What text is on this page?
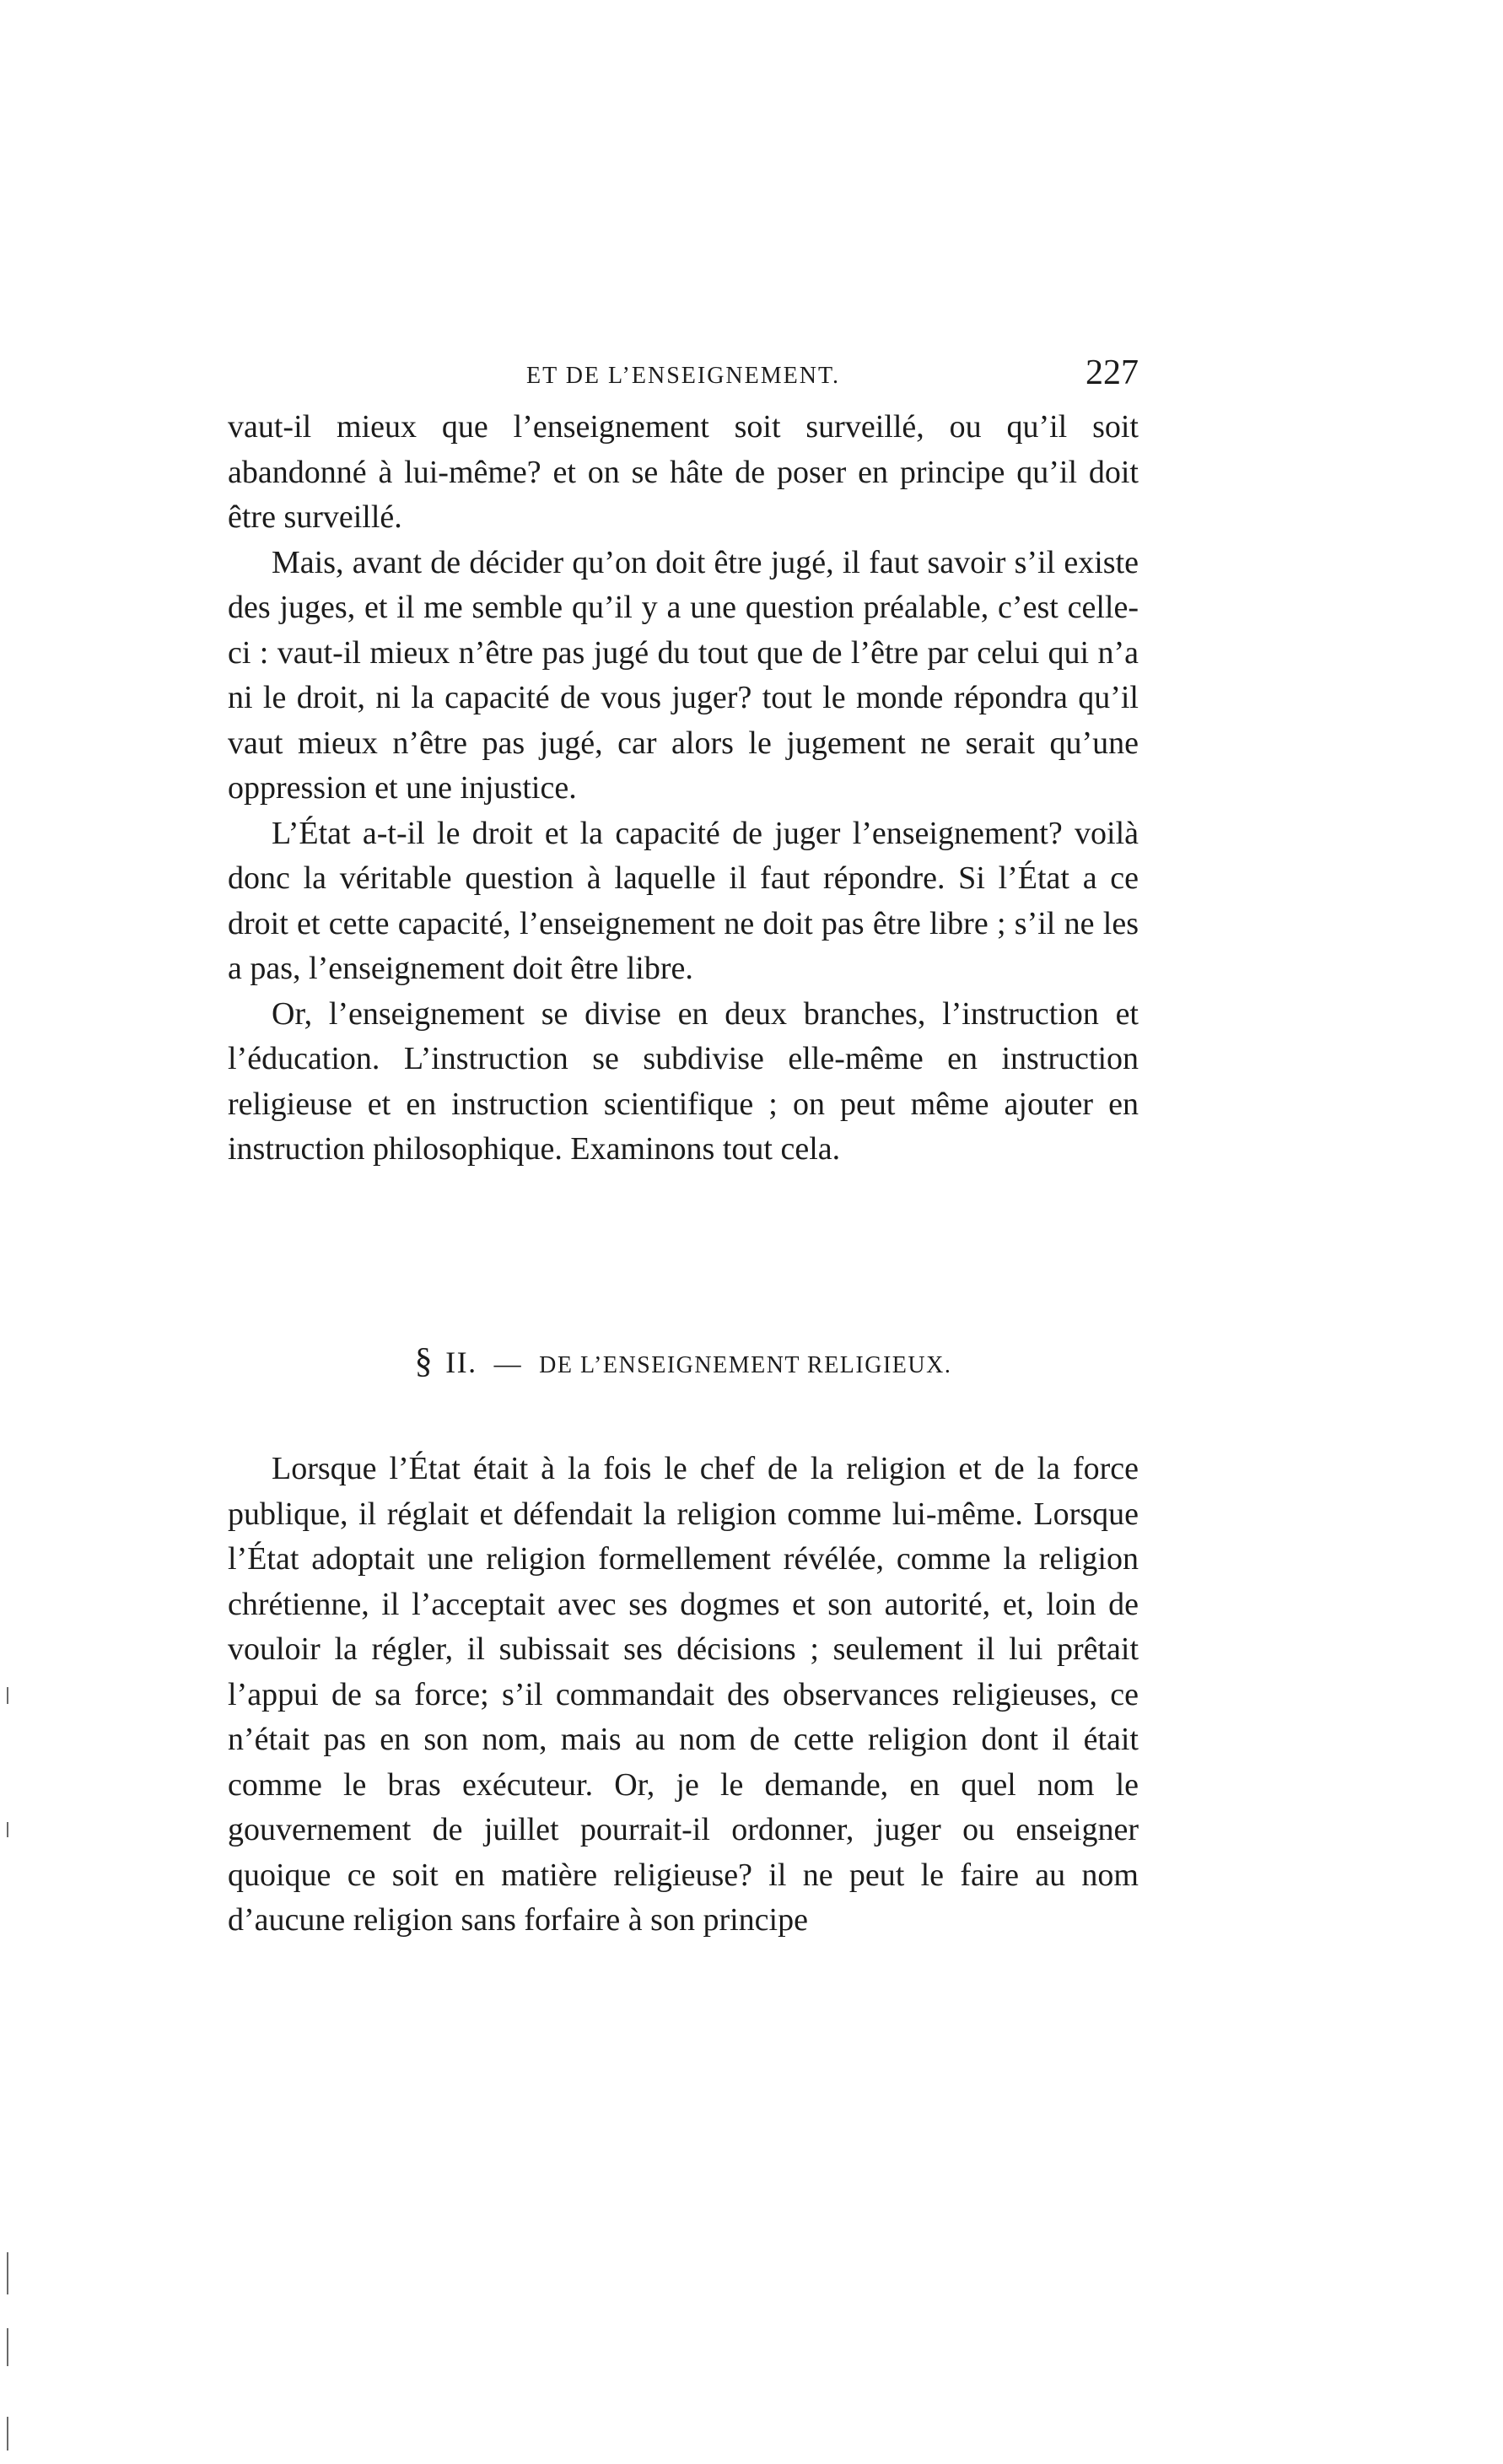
ET DE L’ENSEIGNEMENT.	227

vaut-il mieux que l’enseignement soit surveillé, ou qu’il soit abandonné à lui-même? et on se hâte de poser en principe qu’il doit être surveillé.

Mais, avant de décider qu’on doit être jugé, il faut savoir s’il existe des juges, et il me semble qu’il y a une question préalable, c’est celle-ci : vaut-il mieux n’être pas jugé du tout que de l’être par celui qui n’a ni le droit, ni la capacité de vous juger? tout le monde répondra qu’il vaut mieux n’être pas jugé, car alors le jugement ne serait qu’une oppression et une injustice.

L’État a-t-il le droit et la capacité de juger l’enseignement? voilà donc la véritable question à laquelle il faut répondre. Si l’État a ce droit et cette capacité, l’enseignement ne doit pas être libre ; s’il ne les a pas, l’enseignement doit être libre.

Or, l’enseignement se divise en deux branches, l’instruction et l’éducation. L’instruction se subdivise elle-même en instruction religieuse et en instruction scientifique ; on peut même ajouter en instruction philosophique. Examinons tout cela.

§ II. — DE L’ENSEIGNEMENT RELIGIEUX.

Lorsque l’État était à la fois le chef de la religion et de la force publique, il réglait et défendait la religion comme lui-même. Lorsque l’État adoptait une religion formellement révélée, comme la religion chrétienne, il l’acceptait avec ses dogmes et son autorité, et, loin de vouloir la régler, il subissait ses décisions ; seulement il lui prêtait l’appui de sa force; s’il commandait des observances religieuses, ce n’était pas en son nom, mais au nom de cette religion dont il était comme le bras exécuteur. Or, je le demande, en quel nom le gouvernement de juillet pourrait-il ordonner, juger ou enseigner quoique ce soit en matière religieuse? il ne peut le faire au nom d’aucune religion sans forfaire à son principe
